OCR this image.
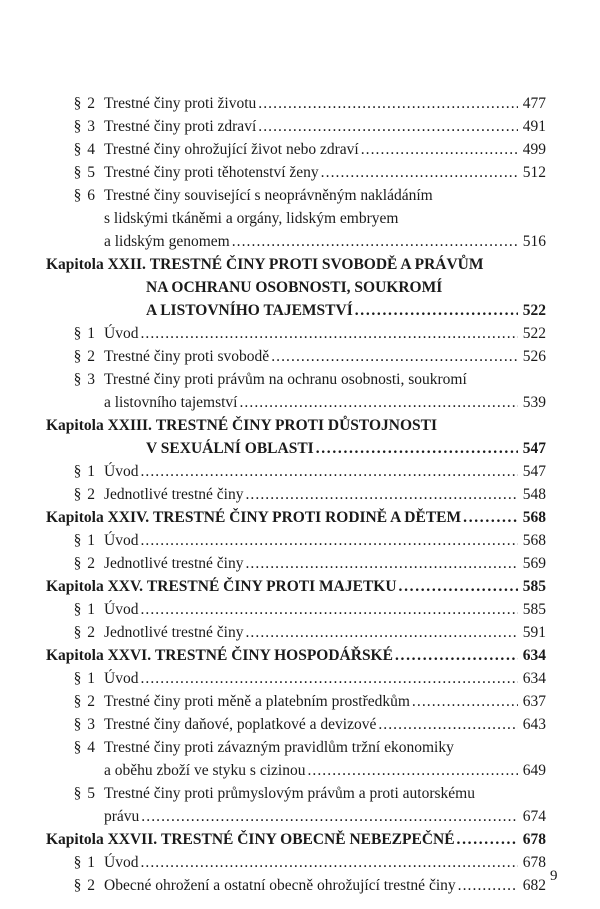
§ 2 Trestné činy proti životu . . .	477
§ 3 Trestné činy proti zdraví . . .	491
§ 4 Trestné činy ohrožující život nebo zdraví . . .	499
§ 5 Trestné činy proti těhotenství ženy . . .	512
§ 6 Trestné činy související s neoprávněným nakládáním
s lidskými tkáněmi a orgány, lidským embryem
a lidským genomem . . .	516
Kapitola XXII.
TRESTNÉ ČINY PROTI SVOBODĚ A PRÁVŮM
NA OCHRANU OSOBNOSTI, SOUKROMÍ
A LISTOVNÍHO TAJEMSTVÍ . . .	522
§ 1 Úvod . . .	522
§ 2 Trestné činy proti svobodě . . .	526
§ 3 Trestné činy proti právům na ochranu osobnosti, soukromí
a listovního tajemství . . .	539
Kapitola XXIII.
TRESTNÉ ČINY PROTI DŮSTOJNOSTI
V SEXUÁLNÍ OBLASTI . . .	547
§ 1 Úvod . . .	547
§ 2 Jednotlivé trestné činy . . .	548
Kapitola XXIV.
TRESTNÉ ČINY PROTI RODINĚ A DĚTEM . . .	568
§ 1 Úvod . . .	568
§ 2 Jednotlivé trestné činy . . .	569
Kapitola XXV.
TRESTNÉ ČINY PROTI MAJETKU . . .	585
§ 1 Úvod . . .	585
§ 2 Jednotlivé trestné činy . . .	591
Kapitola XXVI.
TRESTNÉ ČINY HOSPODÁŘSKÉ . . .	634
§ 1 Úvod . . .	634
§ 2 Trestné činy proti měně a platebním prostředkům . . .	637
§ 3 Trestné činy daňové, poplatkové a devizové . . .	643
§ 4 Trestné činy proti závazným pravidlům tržní ekonomiky
a oběhu zboží ve styku s cizinou . . .	649
§ 5 Trestné činy proti průmyslovým právům a proti autorskému
právu . . .	674
Kapitola XXVII.
TRESTNÉ ČINY OBECNĚ NEBEZPEČNÉ . . .	678
§ 1 Úvod . . .	678
§ 2 Obecné ohrožení a ostatní obecně ohrožující trestné činy . . .	682
9
